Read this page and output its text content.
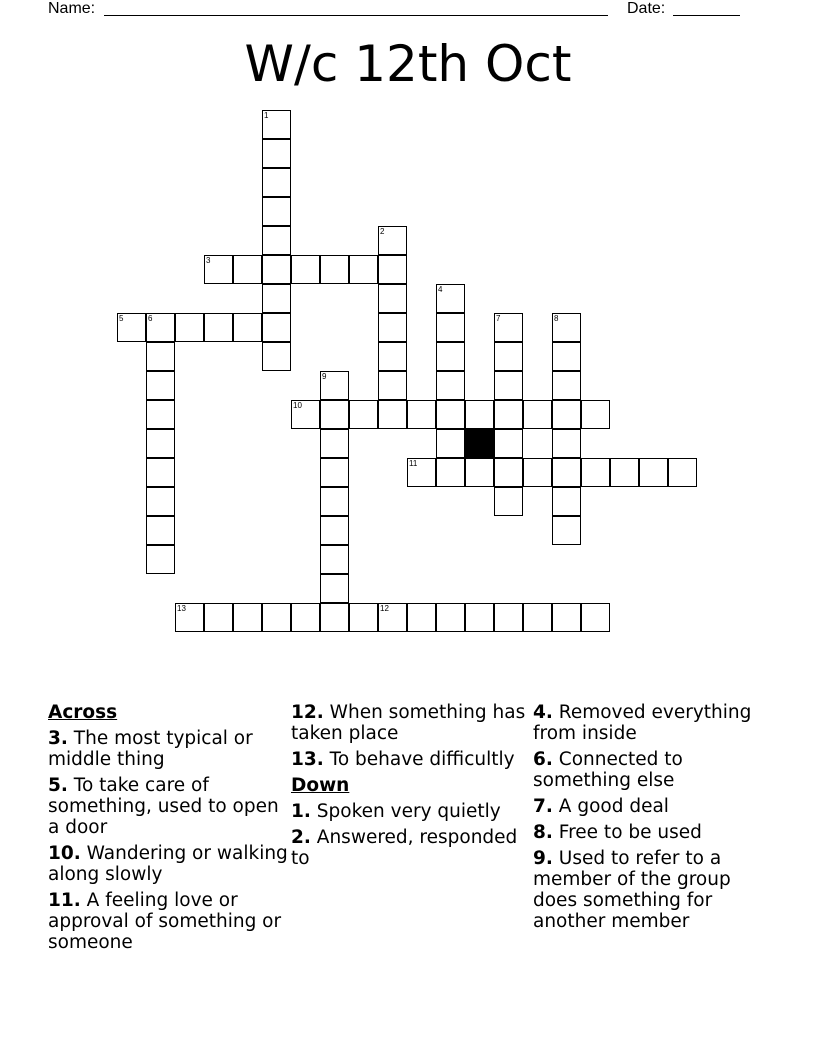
Name:	Date:
W/c 12th Oct
3
5	6
10
11
12
13
1
2
4
7	8
9
Across
3. The most typical or middle thing
5. To take care of something, used to open a door
10. Wandering or walking along slowly
11. A feeling love or approval of something or someone
12. When something has taken place
13. To behave difficultly
Down
1. Spoken very quietly
2. Answered, responded to
4. Removed everything from inside
6. Connected to something else
7. A good deal
8. Free to be used
9. Used to refer to a member of the group does something for another member
